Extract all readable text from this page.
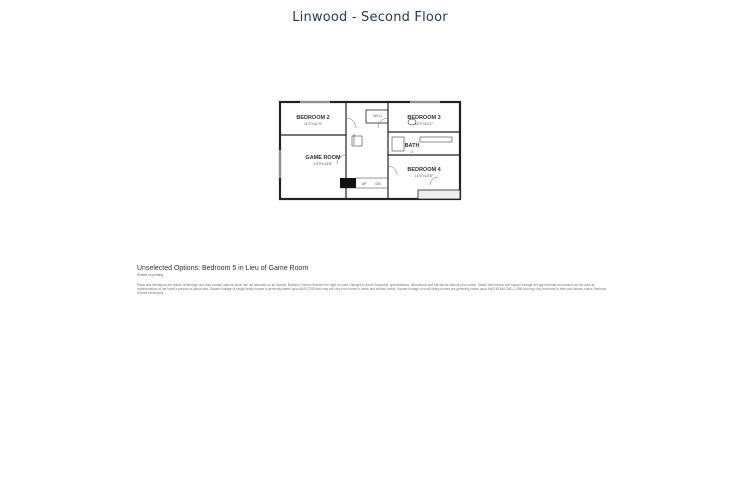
Linwood - Second Floor
BEDROOM 2
11'0"x11'9"
BEDROOM 3
11'0"x12'1"
GAME ROOM
13'3"x13'8"
BEDROOM 4
11'6"x10'8"
BATH
2
W.I.C.
UP	DN
Unselected Options: Bedroom 5 in Lieu of Game Room
Printed on printing
Plans and elevations are artist's renderings and may contain options which are not standard on all models. Bethany Homes reserves the right to make changes to these floorplans, specifications, dimensions and elevations without prior notice. Stated dimensions and square footage are approximate and should not be used as representation of the home's precise or actual size. Square footage of single family homes is generally based upon ANSI Z765 and may not vary from home to home and without notice. Square footage of multi-family homes are generally based upon ANSI BOMA Z65.1-1996 but may vary from time to time and without notice. Bethany Homes exclusively.
